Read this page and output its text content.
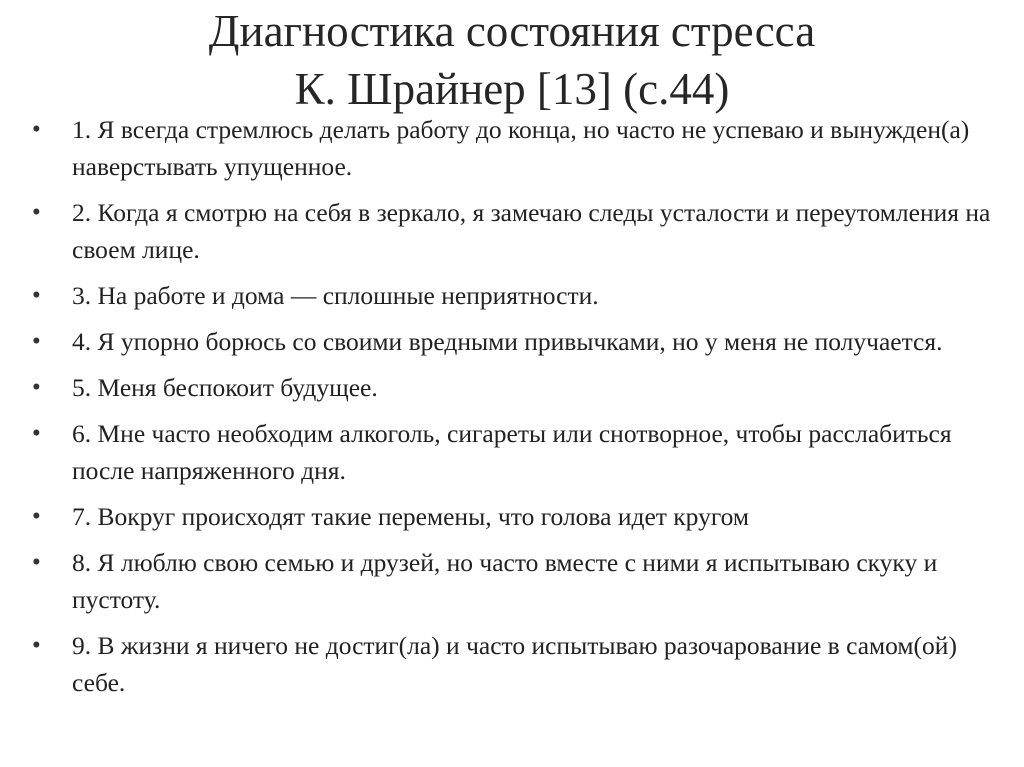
Диагностика состояния стресса
К. Шрайнер [13] (с.44)
•	1. Я всегда стремлюсь делать работу до конца, но часто не успеваю и вынужден(а) наверстывать упущенное.
•	2. Когда я смотрю на себя в зеркало, я замечаю следы усталости и переутомления на своем лице.
•	3. На работе и дома — сплошные неприятности.
•	4. Я упорно борюсь со своими вредными привычками, но у меня не получается.
•	5. Меня беспокоит будущее.
•	6. Мне часто необходим алкоголь, сигареты или снотворное, чтобы расслабиться после напряженного дня.
•	7. Вокруг происходят такие перемены, что голова идет кругом
•	8. Я люблю свою семью и друзей, но часто вместе с ними я испытываю скуку и пустоту.
•	9. В жизни я ничего не достиг(ла) и часто испытываю разочарование в самом(ой) себе.
